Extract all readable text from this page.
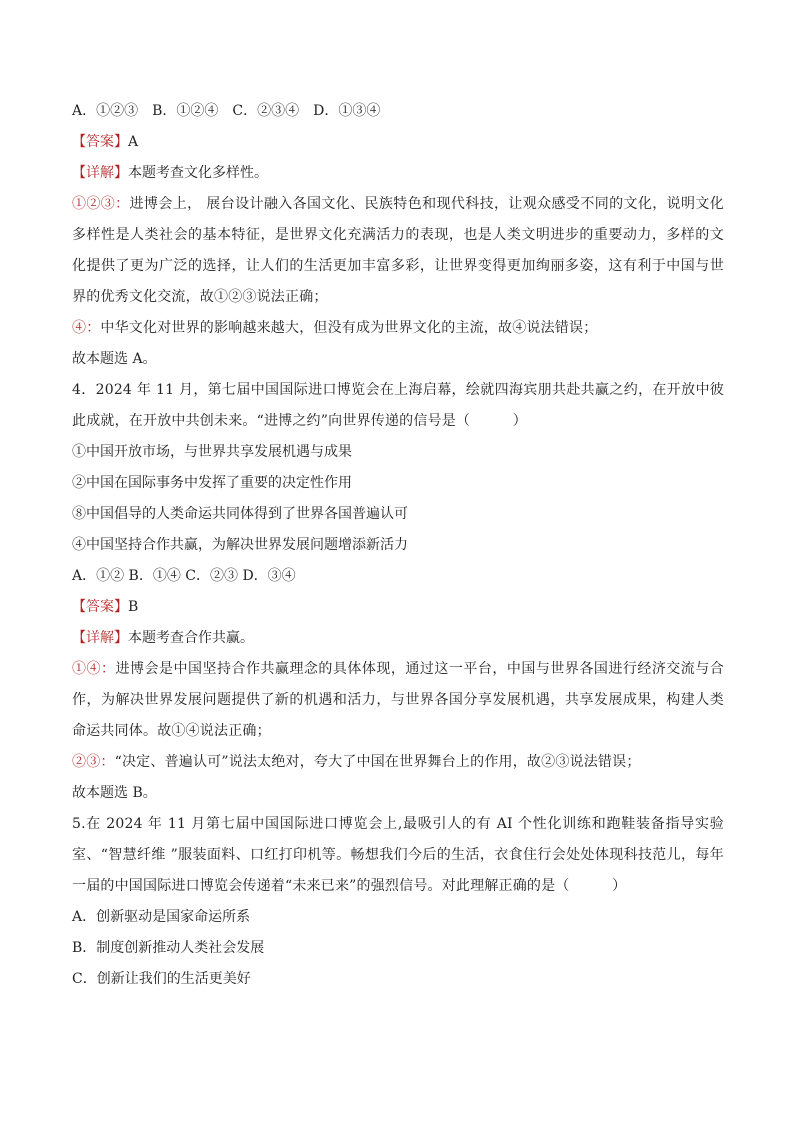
A．①②③　B．①②④　C．②③④　D．①③④
【答案】A
【详解】本题考查文化多样性。
①②③：进博会上， 展台设计融入各国文化、民族特色和现代科技，让观众感受不同的文化，说明文化多样性是人类社会的基本特征，是世界文化充满活力的表现，也是人类文明进步的重要动力，多样的文化提供了更为广泛的选择，让人们的生活更加丰富多彩，让世界变得更加绚丽多姿，这有利于中国与世界的优秀文化交流，故①②③说法正确；
④：中华文化对世界的影响越来越大，但没有成为世界文化的主流，故④说法错误；
故本题选 A。
4．2024 年 11 月，第七届中国国际进口博览会在上海启幕，绘就四海宾朋共赴共赢之约，在开放中彼此成就，在开放中共创未来。“进博之约”向世界传递的信号是（　　　）
①中国开放市场，与世界共享发展机遇与成果
②中国在国际事务中发挥了重要的决定性作用
⑧中国倡导的人类命运共同体得到了世界各国普遍认可
④中国坚持合作共赢，为解决世界发展问题增添新活力
A．①② B．①④ C．②③ D．③④
【答案】B
【详解】本题考查合作共赢。
①④：进博会是中国坚持合作共赢理念的具体体现，通过这一平台，中国与世界各国进行经济交流与合作，为解决世界发展问题提供了新的机遇和活力，与世界各国分享发展机遇，共享发展成果，构建人类命运共同体。故①④说法正确；
②③：“决定、普遍认可”说法太绝对，夸大了中国在世界舞台上的作用，故②③说法错误；
故本题选 B。
5.在 2024 年 11 月第七届中国国际进口博览会上,最吸引人的有 AI 个性化训练和跑鞋装备指导实验室、“智慧纤维 ”服装面料、口红打印机等。畅想我们今后的生活，衣食住行会处处体现科技范儿，每年一届的中国国际进口博览会传递着“未来已来”的强烈信号。对此理解正确的是（　　　）
A．创新驱动是国家命运所系
B．制度创新推动人类社会发展
C．创新让我们的生活更美好
